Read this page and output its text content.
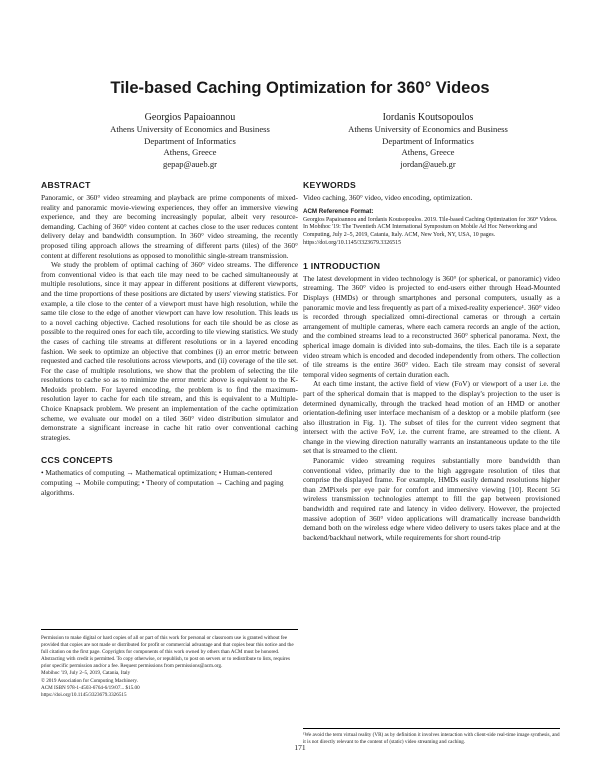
Tile-based Caching Optimization for 360° Videos
Georgios Papaioannou
Athens University of Economics and Business
Department of Informatics
Athens, Greece
gepap@aueb.gr
Iordanis Koutsopoulos
Athens University of Economics and Business
Department of Informatics
Athens, Greece
jordan@aueb.gr
ABSTRACT

Panoramic, or 360° video streaming and playback are prime components of mixed-reality and panoramic movie-viewing experiences, they offer an immersive viewing experience, and they are becoming increasingly popular, albeit very resource-demanding. Caching of 360° video content at caches close to the user reduces content delivery delay and bandwidth consumption. In 360° video streaming, the recently proposed tiling approach allows the streaming of different parts (tiles) of the 360° content at different resolutions as opposed to monolithic single-stream transmission.

We study the problem of optimal caching of 360° video streams. The difference from conventional video is that each tile may need to be cached simultaneously at multiple resolutions, since it may appear in different positions at different viewports, and the time proportions of these positions are dictated by users' viewing statistics. For example, a tile close to the center of a viewport must have high resolution, while the same tile close to the edge of another viewport can have low resolution. This leads us to a novel caching objective. Cached resolutions for each tile should be as close as possible to the required ones for each tile, according to tile viewing statistics. We study the cases of caching tile streams at different resolutions or in a layered encoding fashion. We seek to optimize an objective that combines (i) an error metric between requested and cached tile resolutions across viewports, and (ii) coverage of the tile set. For the case of multiple resolutions, we show that the problem of selecting the tile resolutions to cache so as to minimize the error metric above is equivalent to the K-Medoids problem. For layered encoding, the problem is to find the maximum-resolution layer to cache for each tile stream, and this is equivalent to a Multiple-Choice Knapsack problem. We present an implementation of the cache optimization scheme, we evaluate our model on a tiled 360° video distribution simulator and demonstrate a significant increase in cache hit ratio over conventional caching strategies.

CCS CONCEPTS
• Mathematics of computing → Mathematical optimization; • Human-centered computing → Mobile computing; • Theory of computation → Caching and paging algorithms.

Permission to make digital or hard copies of all or part of this work for personal or classroom use is granted without fee provided that copies are not made or distributed for profit or commercial advantage and that copies bear this notice and the full citation on the first page. Copyrights for components of this work owned by others than ACM must be honored. Abstracting with credit is permitted. To copy otherwise, or republish, to post on servers or to redistribute to lists, requires prior specific permission and/or a fee. Request permissions from permissions@acm.org.

Mobihoc '19, July 2–5, 2019, Catania, Italy

© 2019 Association for Computing Machinery.

ACM ISBN 978-1-4503-6764-6/19/07... $15.00

https://doi.org/10.1145/3323679.3326515

KEYWORDS

Video caching, 360° video, video encoding, optimization.

ACM Reference Format:

Georgios Papaioannou and Iordanis Koutsopoulos. 2019. Tile-based Caching Optimization for 360° Videos. In Mobihoc '19: The Twentieth ACM International Symposium on Mobile Ad Hoc Networking and Computing, July 2–5, 2019, Catania, Italy. ACM, New York, NY, USA, 10 pages. https://doi.org/10.1145/3323679.3326515

1 INTRODUCTION

The latest development in video technology is 360° (or spherical, or panoramic) video streaming. The 360° video is projected to end-users either through Head-Mounted Displays (HMDs) or through smartphones and personal computers, usually as a panoramic movie and less frequently as part of a mixed-reality experience¹. 360° video is recorded through specialized omni-directional cameras or through a certain arrangement of multiple cameras, where each camera records an angle of the action, and the combined streams lead to a reconstructed 360° spherical panorama. Next, the spherical image domain is divided into sub-domains, the tiles. Each tile is a separate video stream which is encoded and decoded independently from others. The collection of tile streams is the entire 360° video. Each tile stream may consist of several temporal video segments of certain duration each.

At each time instant, the active field of view (FoV) or viewport of a user i.e. the part of the spherical domain that is mapped to the display's projection to the user is determined dynamically, through the tracked head motion of an HMD or another orientation-defining user interface mechanism of a desktop or a mobile platform (see also illustration in Fig. 1). The subset of tiles for the current video segment that intersect with the active FoV, i.e. the current frame, are streamed to the client. A change in the viewing direction naturally warrants an instantaneous update to the tile set that is streamed to the client.

Panoramic video streaming requires substantially more bandwidth than conventional video, primarily due to the high aggregate resolution of tiles that comprise the displayed frame. For example, HMDs easily demand resolutions higher than 2MPixels per eye pair for comfort and immersive viewing [10]. Recent 5G wireless transmission technologies attempt to fill the gap between provisioned bandwidth and required rate and latency in video delivery. However, the projected massive adoption of 360° video applications will dramatically increase bandwidth demand both on the wireless edge where video delivery to users takes place and at the backend/backhaul network, while requirements for short round-trip

¹We avoid the term virtual reality (VR) as by definition it involves interaction with client-side real-time image synthesis, and it is not directly relevant to the content of (static) video streaming and caching.

171
